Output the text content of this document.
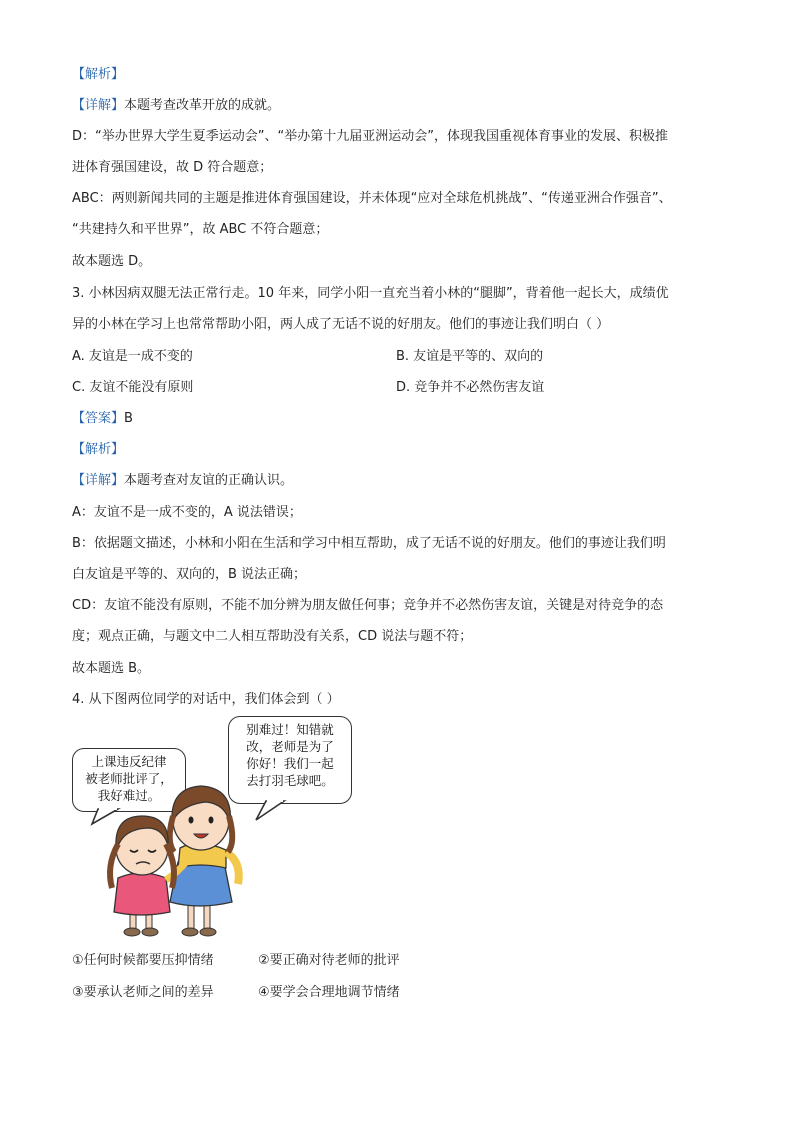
【解析】
【详解】本题考查改革开放的成就。
D：“举办世界大学生夏季运动会”、“举办第十九届亚洲运动会”，体现我国重视体育事业的发展、积极推
进体育强国建设，故 D 符合题意；
ABC：两则新闻共同的主题是推进体育强国建设，并未体现“应对全球危机挑战”、“传递亚洲合作强音”、
“共建持久和平世界”，故 ABC 不符合题意；
故本题选 D。
3. 小林因病双腿无法正常行走。10 年来，同学小阳一直充当着小林的“腿脚”，背着他一起长大，成绩优
异的小林在学习上也常常帮助小阳，两人成了无话不说的好朋友。他们的事迹让我们明白（ ）
A. 友谊是一成不变的	B. 友谊是平等的、双向的
C. 友谊不能没有原则	D. 竞争并不必然伤害友谊
【答案】B
【解析】
【详解】本题考查对友谊的正确认识。
A：友谊不是一成不变的，A 说法错误；
B：依据题文描述，小林和小阳在生活和学习中相互帮助，成了无话不说的好朋友。他们的事迹让我们明
白友谊是平等的、双向的，B 说法正确；
CD：友谊不能没有原则，不能不加分辨为朋友做任何事；竞争并不必然伤害友谊，关键是对待竞争的态
度；观点正确，与题文中二人相互帮助没有关系，CD 说法与题不符；
故本题选 B。
4. 从下图两位同学的对话中，我们体会到（ ）
上课违反纪律
被老师批评了，
我好难过。
别难过！知错就
改，老师是为了
你好！我们一起
去打羽毛球吧。
①任何时候都要压抑情绪	②要正确对待老师的批评
③要承认老师之间的差异	④要学会合理地调节情绪
